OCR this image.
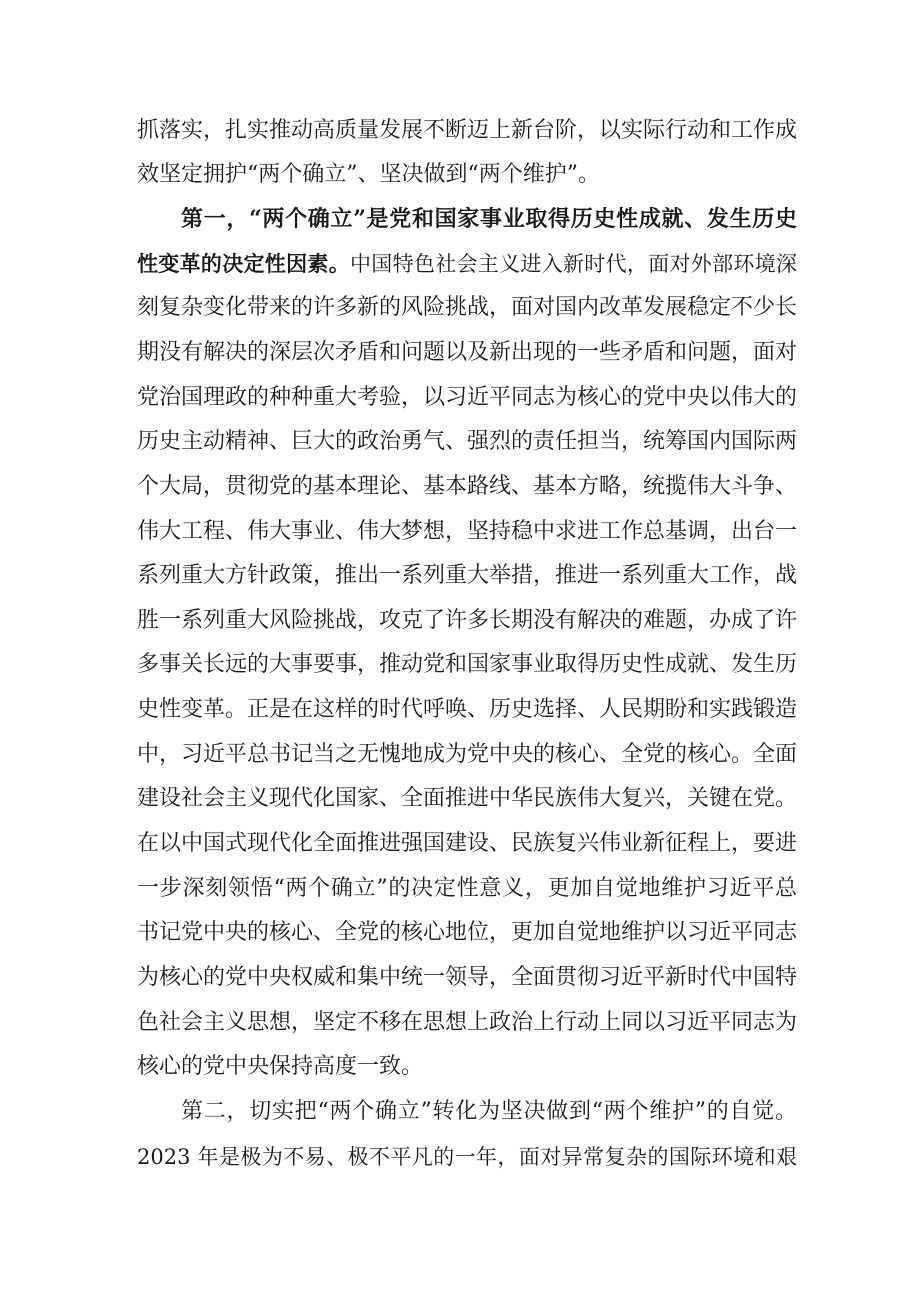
抓落实，扎实推动高质量发展不断迈上新台阶，以实际行动和工作成
效坚定拥护“两个确立”、坚决做到“两个维护”。
第一，“两个确立”是党和国家事业取得历史性成就、发生历史
性变革的决定性因素。中国特色社会主义进入新时代，面对外部环境深
刻复杂变化带来的许多新的风险挑战，面对国内改革发展稳定不少长
期没有解决的深层次矛盾和问题以及新出现的一些矛盾和问题，面对
党治国理政的种种重大考验，以习近平同志为核心的党中央以伟大的
历史主动精神、巨大的政治勇气、强烈的责任担当，统筹国内国际两
个大局，贯彻党的基本理论、基本路线、基本方略，统揽伟大斗争、
伟大工程、伟大事业、伟大梦想，坚持稳中求进工作总基调，出台一
系列重大方针政策，推出一系列重大举措，推进一系列重大工作，战
胜一系列重大风险挑战，攻克了许多长期没有解决的难题，办成了许
多事关长远的大事要事，推动党和国家事业取得历史性成就、发生历
史性变革。正是在这样的时代呼唤、历史选择、人民期盼和实践锻造
中，习近平总书记当之无愧地成为党中央的核心、全党的核心。全面
建设社会主义现代化国家、全面推进中华民族伟大复兴，关键在党。
在以中国式现代化全面推进强国建设、民族复兴伟业新征程上，要进
一步深刻领悟“两个确立”的决定性意义，更加自觉地维护习近平总
书记党中央的核心、全党的核心地位，更加自觉地维护以习近平同志
为核心的党中央权威和集中统一领导，全面贯彻习近平新时代中国特
色社会主义思想，坚定不移在思想上政治上行动上同以习近平同志为
核心的党中央保持高度一致。
第二，切实把“两个确立”转化为坚决做到“两个维护”的自觉。
2023 年是极为不易、极不平凡的一年，面对异常复杂的国际环境和艰
